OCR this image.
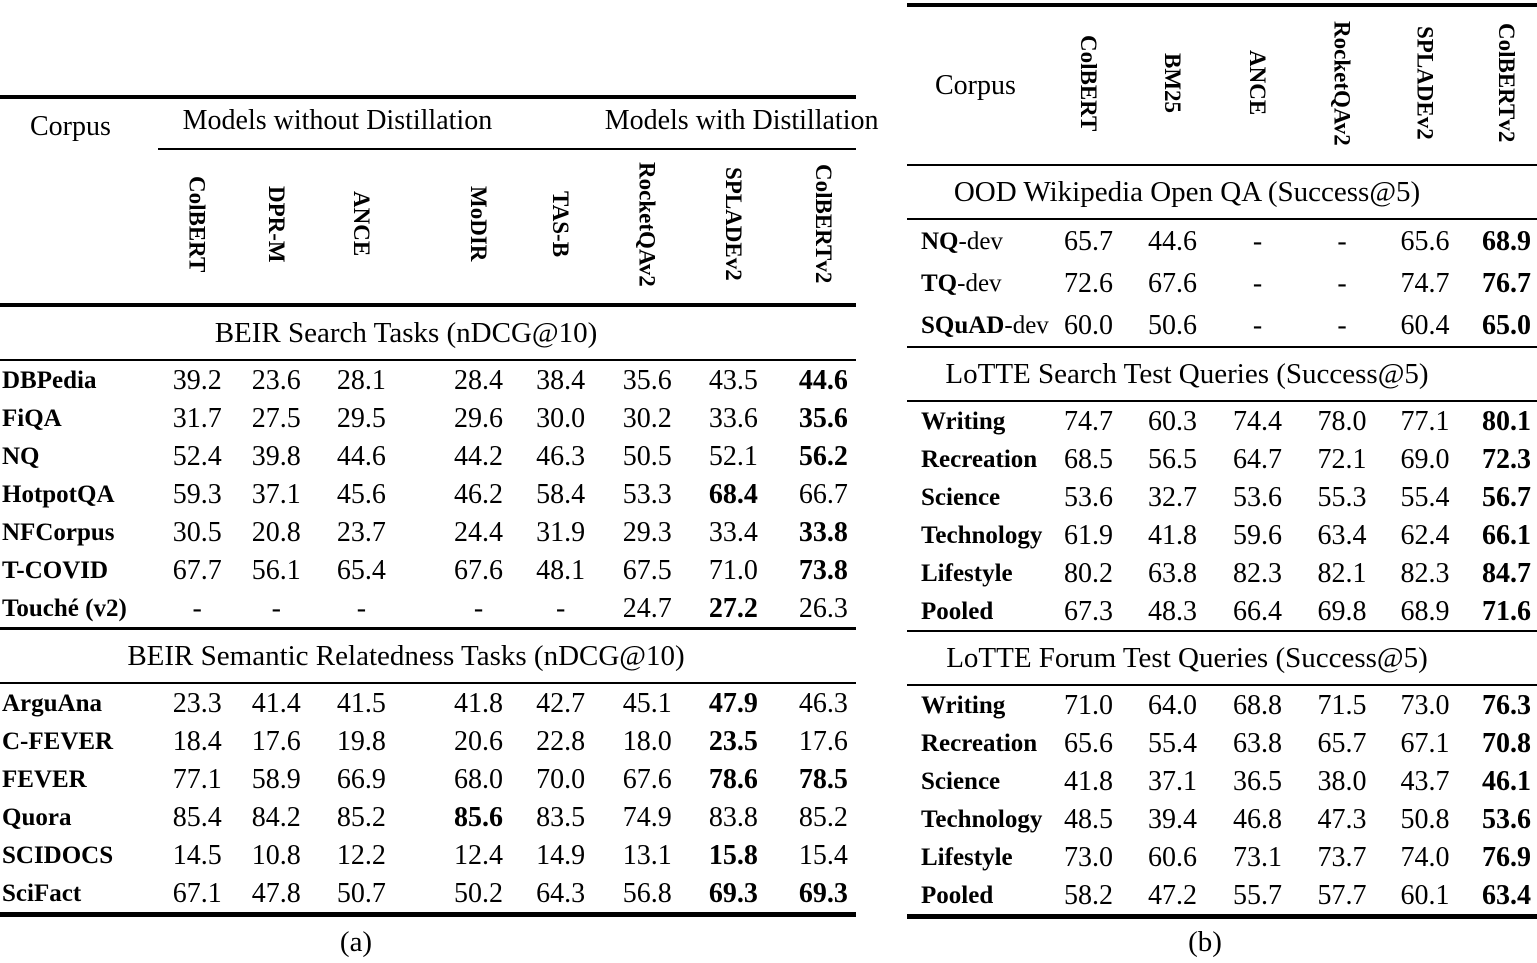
Corpus	Models without Distillation					Models with Distillation		
	ColBERT	DPR-M	ANCE	MoDIR	TAS-B	RocketQAv2	SPLADEv2	ColBERTv2
BEIR Search Tasks (nDCG@10)								
DBPedia	39.2	23.6	28.1	28.4	38.4	35.6	43.5	44.6
FiQA	31.7	27.5	29.5	29.6	30.0	30.2	33.6	35.6
NQ	52.4	39.8	44.6	44.2	46.3	50.5	52.1	56.2
HotpotQA	59.3	37.1	45.6	46.2	58.4	53.3	68.4	66.7
NFCorpus	30.5	20.8	23.7	24.4	31.9	29.3	33.4	33.8
T-COVID	67.7	56.1	65.4	67.6	48.1	67.5	71.0	73.8
Touché (v2)	-	-	-	-	-	24.7	27.2	26.3
BEIR Semantic Relatedness Tasks (nDCG@10)								
ArguAna	23.3	41.4	41.5	41.8	42.7	45.1	47.9	46.3
C-FEVER	18.4	17.6	19.8	20.6	22.8	18.0	23.5	17.6
FEVER	77.1	58.9	66.9	68.0	70.0	67.6	78.6	78.5
Quora	85.4	84.2	85.2	85.6	83.5	74.9	83.8	85.2
SCIDOCS	14.5	10.8	12.2	12.4	14.9	13.1	15.8	15.4
SciFact	67.1	47.8	50.7	50.2	64.3	56.8	69.3	69.3
Corpus	ColBERT	BM25	ANCE	RocketQAv2	SPLADEv2	ColBERTv2
OOD Wikipedia Open QA (Success@5)						
NQ-dev	65.7	44.6	-	-	65.6	68.9
TQ-dev	72.6	67.6	-	-	74.7	76.7
SQuAD-dev	60.0	50.6	-	-	60.4	65.0
LoTTE Search Test Queries (Success@5)						
Writing	74.7	60.3	74.4	78.0	77.1	80.1
Recreation	68.5	56.5	64.7	72.1	69.0	72.3
Science	53.6	32.7	53.6	55.3	55.4	56.7
Technology	61.9	41.8	59.6	63.4	62.4	66.1
Lifestyle	80.2	63.8	82.3	82.1	82.3	84.7
Pooled	67.3	48.3	66.4	69.8	68.9	71.6
LoTTE Forum Test Queries (Success@5)						
Writing	71.0	64.0	68.8	71.5	73.0	76.3
Recreation	65.6	55.4	63.8	65.7	67.1	70.8
Science	41.8	37.1	36.5	38.0	43.7	46.1
Technology	48.5	39.4	46.8	47.3	50.8	53.6
Lifestyle	73.0	60.6	73.1	73.7	74.0	76.9
Pooled	58.2	47.2	55.7	57.7	60.1	63.4
(a)	(b)
